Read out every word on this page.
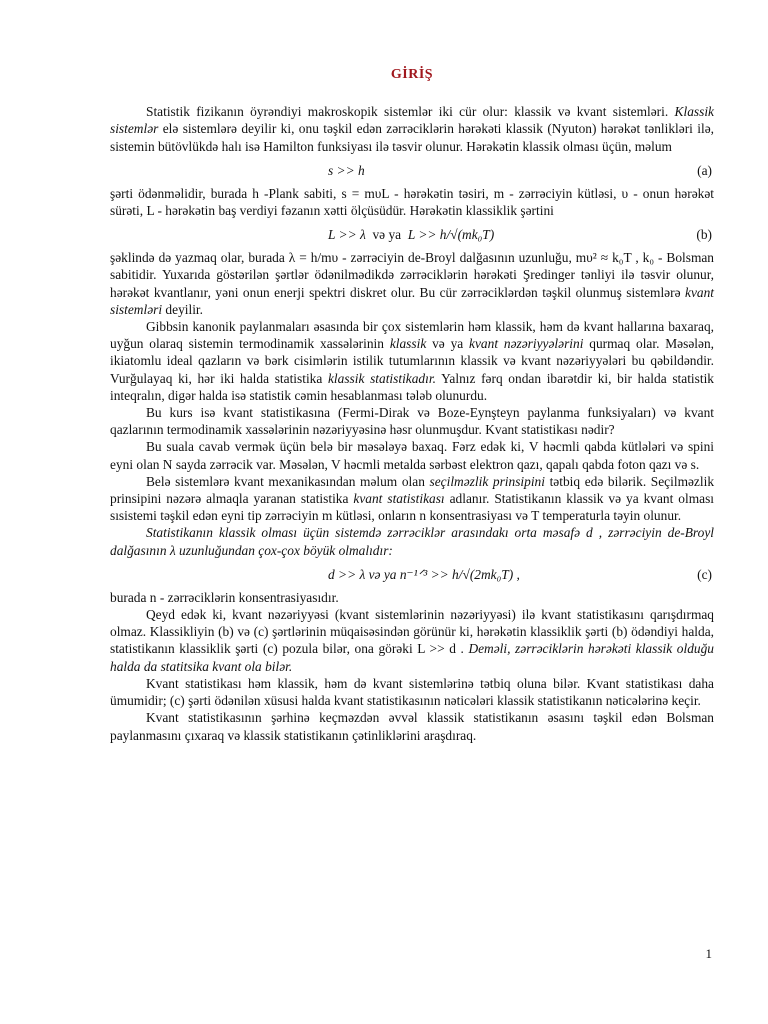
GİRİŞ

Statistik fizikanın öyrəndiyi makroskopik sistemlər iki cür olur: klassik və kvant sistemləri. Klassik sistemlər elə sistemlərə deyilir ki, onu təşkil edən zərrəciklərin hərəkəti klassik (Nyuton) hərəkət tənlikləri ilə, sistemin bütövlükdə halı isə Hamilton funksiyası ilə təsvir olunur. Hərəkətin klassik olması üçün, məlum

s >> h	(a)

şərti ödənməlidir, burada h -Plank sabiti, s = mυL - hərəkətin təsiri, m - zərrəciyin kütləsi, υ - onun hərəkət sürəti, L - hərəkətin baş verdiyi fəzanın xətti ölçüsüdür. Hərəkətin klassiklik şərtini

L >> λ və ya L >> h/√(mk₀T)	(b)

şəklində də yazmaq olar, burada λ = h/mυ - zərrəciyin de-Broyl dalğasının uzunluğu, mυ² ≈ k₀T , k₀ - Bolsman sabitidir. Yuxarıda göstərilən şərtlər ödənilmədikdə zərrəciklərin hərəkəti Şredinger tənliyi ilə təsvir olunur, hərəkət kvantlanır, yəni onun enerji spektri diskret olur. Bu cür zərrəciklərdən təşkil olunmuş sistemlərə kvant sistemləri deyilir.

Gibbsin kanonik paylanmaları əsasında bir çox sistemlərin həm klassik, həm də kvant hallarına baxaraq, uyğun olaraq sistemin termodinamik xassələrinin klassik və ya kvant nəzəriyyələrini qurmaq olar. Məsələn, ikiatomlu ideal qazların və bərk cisimlərin istilik tutumlarının klassik və kvant nəzəriyyələri bu qəbildəndir. Vurğulayaq ki, hər iki halda statistika klassik statistikadır. Yalnız fərq ondan ibarətdir ki, bir halda statistik inteqralın, digər halda isə statistik cəmin hesablanması tələb olunurdu.

Bu kurs isə kvant statistikasına (Fermi-Dirak və Boze-Eynşteyn paylanma funksiyaları) və kvant qazlarının termodinamik xassələrinin nəzəriyyəsinə həsr olunmuşdur. Kvant statistikası nədir?

Bu suala cavab vermək üçün belə bir məsələyə baxaq. Fərz edək ki, V həcmli qabda kütlələri və spini eyni olan N sayda zərrəcik var. Məsələn, V həcmli metalda sərbəst elektron qazı, qapalı qabda foton qazı və s.

Belə sistemlərə kvant mexanikasından məlum olan seçilməzlik prinsipini tətbiq edə bilərik. Seçilməzlik prinsipini nəzərə almaqla yaranan statistika kvant statistikası adlanır. Statistikanın klassik və ya kvant olması sısistemi təşkil edən eyni tip zərrəciyin m kütləsi, onların n konsentrasiyası və T temperaturla təyin olunur.

Statistikanın klassik olması üçün sistemdə zərrəciklər arasındakı orta məsafə d , zərrəciyin de-Broyl dalğasının λ uzunluğundan çox-çox böyük olmalıdır:

d >> λ və ya n⁻¹ᐟ³ >> h/√(2mk₀T) ,	(c)

burada n - zərrəciklərin konsentrasiyasıdır.

Qeyd edək ki, kvant nəzəriyyəsi (kvant sistemlərinin nəzəriyyəsi) ilə kvant statistikasını qarışdırmaq olmaz. Klassikliyin (b) və (c) şərtlərinin müqaisəsindən görünür ki, hərəkətin klassiklik şərti (b) ödəndiyi halda, statistikanın klassiklik şərti (c) pozula bilər, ona görəki L >> d . Deməli, zərrəciklərin hərəkəti klassik olduğu halda da statitsika kvant ola bilər.

Kvant statistikası həm klassik, həm də kvant sistemlərinə tətbiq oluna bilər. Kvant statistikası daha ümumidir; (c) şərti ödənilən xüsusi halda kvant statistikasının nəticələri klassik statistikanın nəticələrinə keçir.

Kvant statistikasının şərhinə keçməzdən əvvəl klassik statistikanın əsasını təşkil edən Bolsman paylanmasını çıxaraq və klassik statistikanın çətinliklərini araşdıraq.

1
